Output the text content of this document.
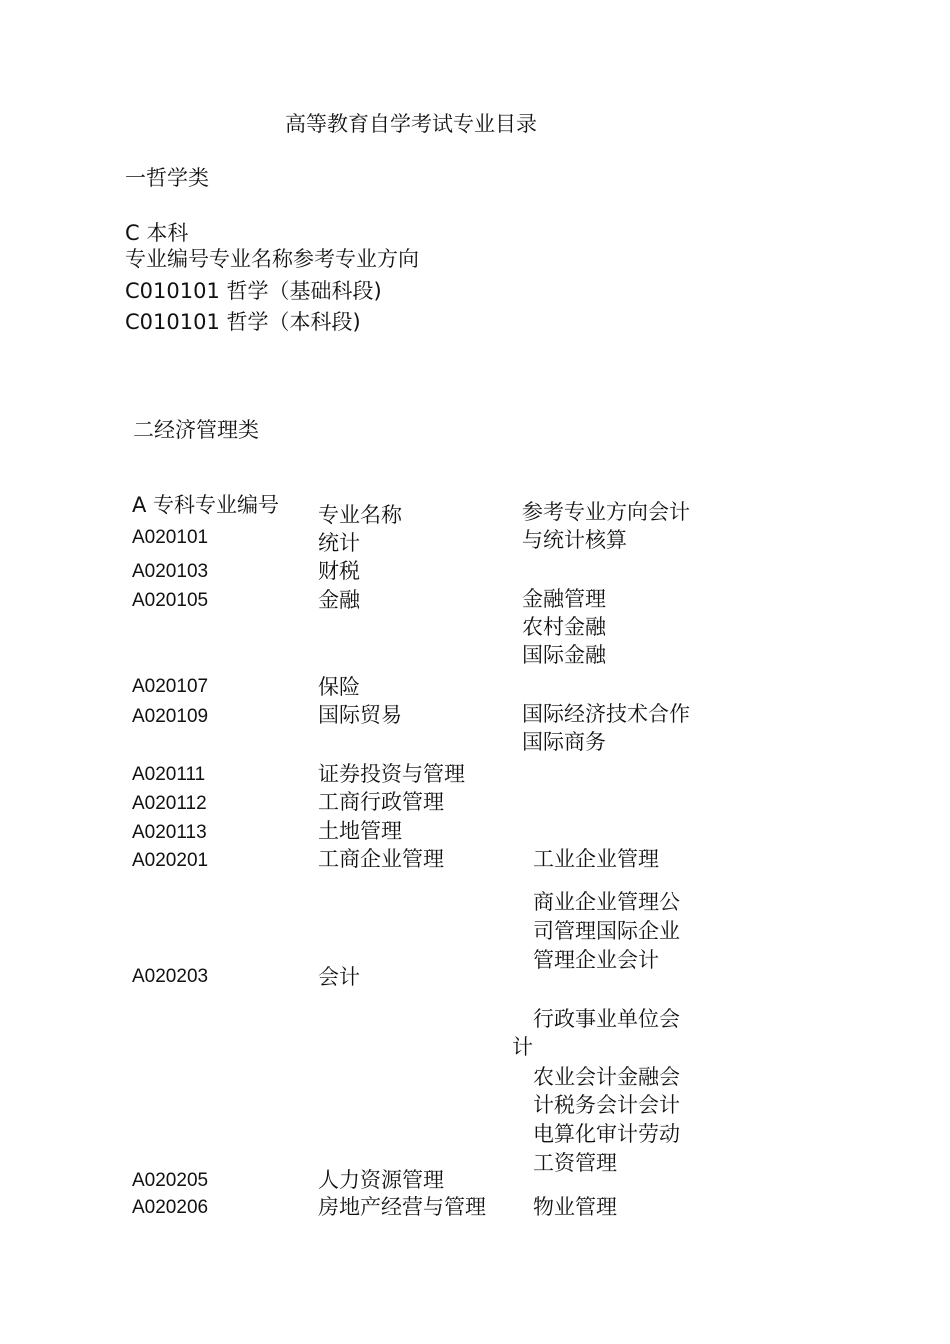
高等教育自学考试专业目录
一哲学类
C 本科
专业编号专业名称参考专业方向
C010101 哲学（基础科段)
C010101 哲学（本科段)
二经济管理类
A 专科专业编号 专业名称	参考专业方向会计
与统计核算
A020101
A020103
A020105
A020107
A020109
A020111
A020112
A020113
A020201
A020203
A020205
A020206
统计
财税
金融
保险
国际贸易
证券投资与管理
工商行政管理
土地管理
工商企业管理
会计
人力资源管理
房地产经营与管理
金融管理
农村金融
国际金融
国际经济技术合作
国际商务
工业企业管理
商业企业管理公
司管理国际企业
管理企业会计
行政事业单位会
计
农业会计金融会
计税务会计会计
电算化审计劳动
工资管理
物业管理
